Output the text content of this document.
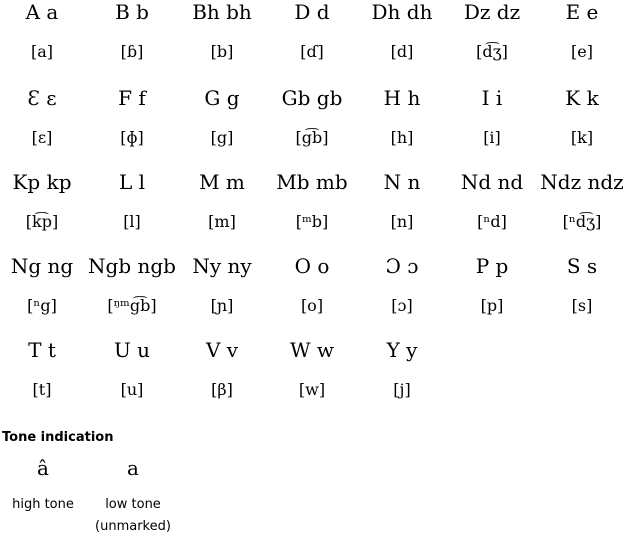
A a
[a]
B b
[ɓ]
Bh bh
[b]
D d
[ɗ]
Dh dh
[d]
Dz dz
[d͡ʒ]
E e
[e]
Ɛ ɛ
[ɛ]
F f
[ɸ]
G g
[g]
Gb gb
[g͡b]
H h
[h]
I i
[i]
K k
[k]
Kp kp
[k͡p]
L l
[l]
M m
[m]
Mb mb
[ᵐb]
N n
[n]
Nd nd
[ⁿd]
Ndz ndz
[ⁿd͡ʒ]
Ng ng
[ⁿg]
Ngb ngb
[ᵑᵐg͡b]
Ny ny
[ɲ]
O o
[o]
Ɔ ɔ
[ɔ]
P p
[p]
S s
[s]
T t
[t]
U u
[u]
V v
[β]
W w
[w]
Y y
[j]
Tone indication
â
high tone
a
low tone
(unmarked)
